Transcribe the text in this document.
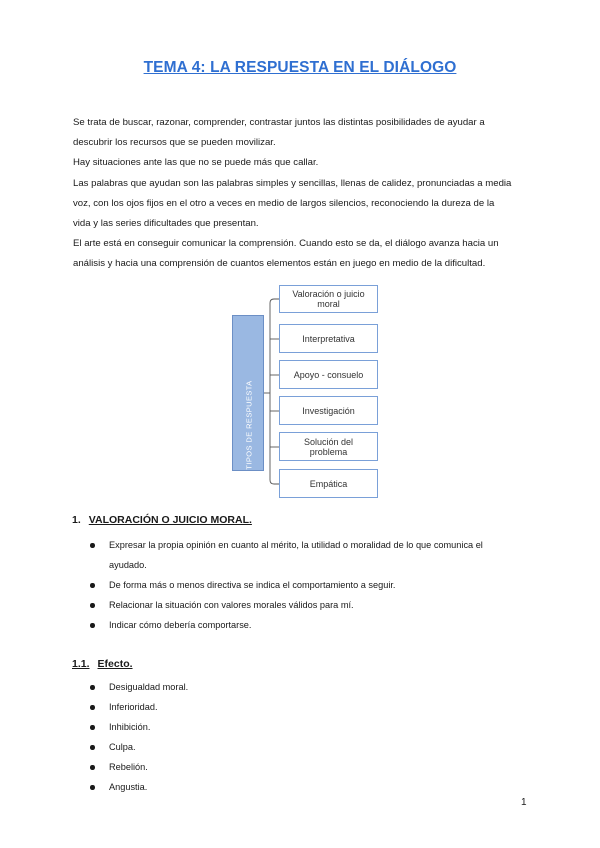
TEMA 4: LA RESPUESTA EN EL DIÁLOGO

Se trata de buscar, razonar, comprender, contrastar juntos las distintas posibilidades de ayudar a

descubrir los recursos que se pueden movilizar.

Hay situaciones ante las que no se puede más que callar.

Las palabras que ayudan son las palabras simples y sencillas, llenas de calidez, pronunciadas a media

voz, con los ojos fijos en el otro a veces en medio de largos silencios, reconociendo la dureza de la

vida y las series dificultades que presentan.

El arte está en conseguir comunicar la comprensión. Cuando esto se da, el diálogo avanza hacia un

análisis y hacia una comprensión de cuantos elementos están en juego en medio de la dificultad.

TIPOS DE RESPUESTA
Valoración o juicio moral
Interpretativa
Apoyo - consuelo
Investigación
Solución del problema
Empática
1. VALORACIÓN O JUICIO MORAL.
Expresar la propia opinión en cuanto al mérito, la utilidad o moralidad de lo que comunica el
ayudado.
De forma más o menos directiva se indica el comportamiento a seguir.
Relacionar la situación con valores morales válidos para mí.
Indicar cómo debería comportarse.
1.1. Efecto.
Desigualdad moral.
Inferioridad.
Inhibición.
Culpa.
Rebelión.
Angustia.
1
